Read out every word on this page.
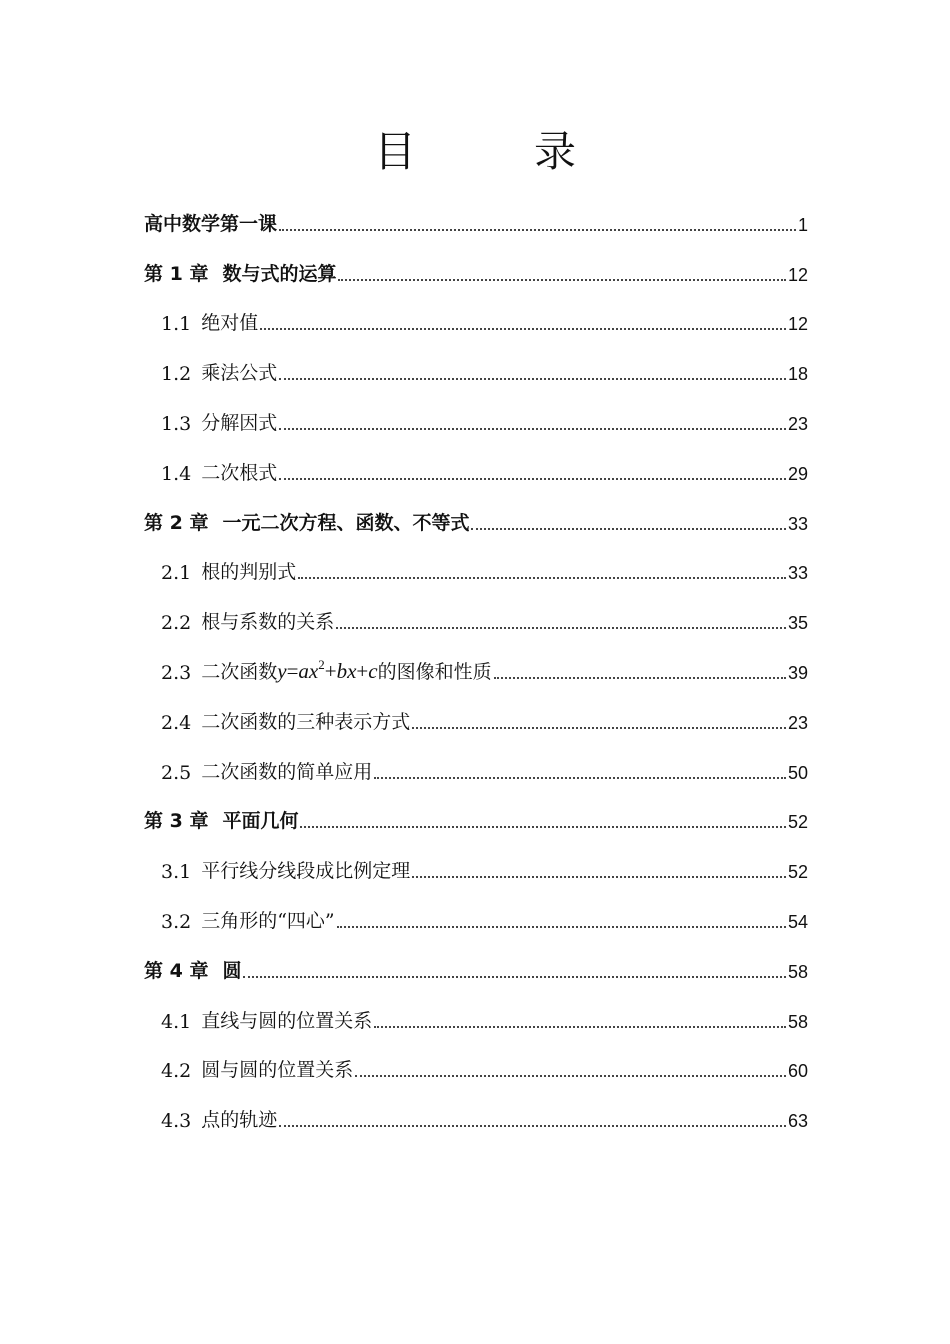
目　录
高中数学第一课	1
第 1 章 数与式的运算	12
1.1 绝对值	12
1.2 乘法公式	18
1.3 分解因式	23
1.4 二次根式	29
第 2 章 一元二次方程、函数、不等式	33
2.1 根的判别式	33
2.2 根与系数的关系	35
2.3 二次函数$y=ax^2+bx+c$的图像和性质	39
2.4 二次函数的三种表示方式	23
2.5 二次函数的简单应用	50
第 3 章 平面几何	52
3.1 平行线分线段成比例定理	52
3.2 三角形的“四心”	54
第 4 章 圆	58
4.1 直线与圆的位置关系	58
4.2 圆与圆的位置关系	60
4.3 点的轨迹	63
